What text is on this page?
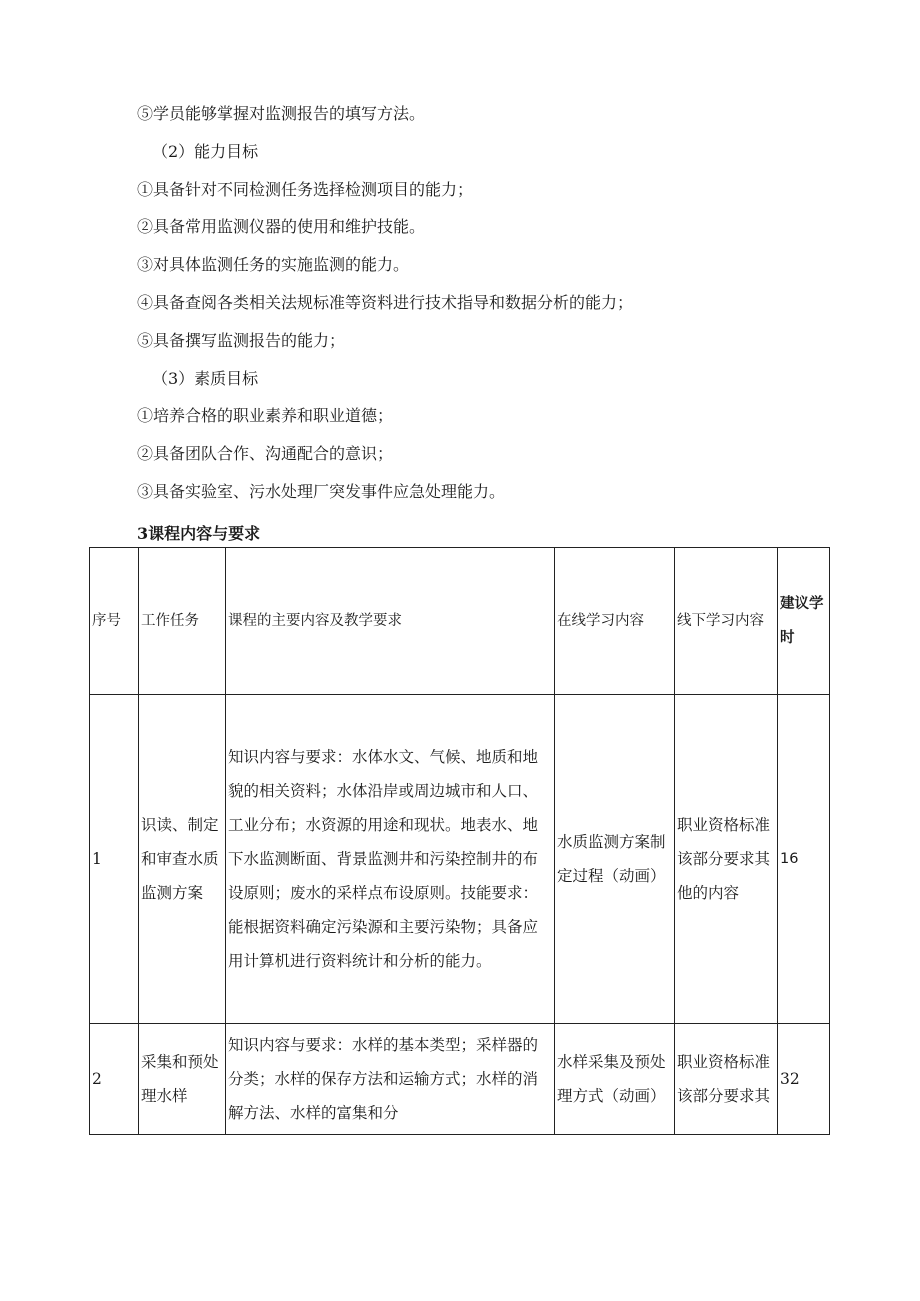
⑤学员能够掌握对监测报告的填写方法。
（2）能力目标
①具备针对不同检测任务选择检测项目的能力；
②具备常用监测仪器的使用和维护技能。
③对具体监测任务的实施监测的能力。
④具备查阅各类相关法规标准等资料进行技术指导和数据分析的能力；
⑤具备撰写监测报告的能力；
（3）素质目标
①培养合格的职业素养和职业道德；
②具备团队合作、沟通配合的意识；
③具备实验室、污水处理厂突发事件应急处理能力。
3课程内容与要求
序号	工作任务	课程的主要内容及教学要求	在线学习内容	线下学习内容	建议学时
1	识读、制定和审查水质监测方案	知识内容与要求：水体水文、气候、地质和地貌的相关资料；水体沿岸或周边城市和人口、工业分布；水资源的用途和现状。地表水、地下水监测断面、背景监测井和污染控制井的布设原则；废水的采样点布设原则。技能要求：能根据资料确定污染源和主要污染物；具备应用计算机进行资料统计和分析的能力。	水质监测方案制定过程（动画）	职业资格标准该部分要求其他的内容	16
2	采集和预处理水样	知识内容与要求：水样的基本类型；采样器的分类；水样的保存方法和运输方式；水样的消解方法、水样的富集和分	水样采集及预处理方式（动画）	职业资格标准该部分要求其	32
